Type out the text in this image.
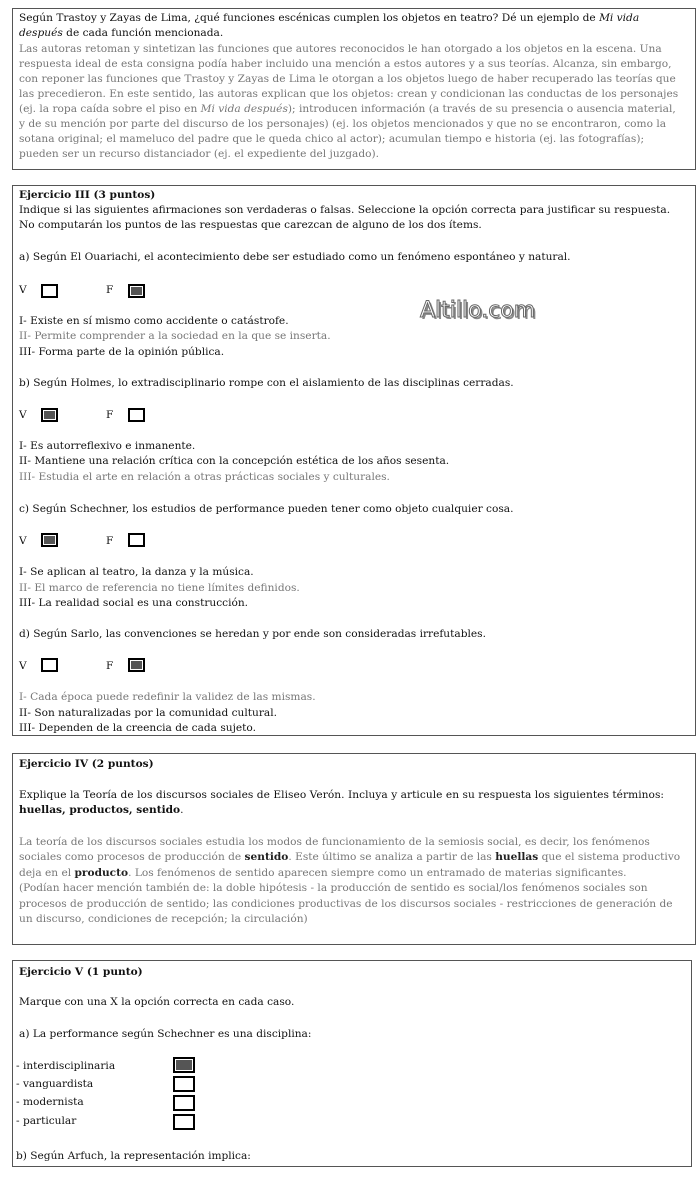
Según Trastoy y Zayas de Lima, ¿qué funciones escénicas cumplen los objetos en teatro? Dé un ejemplo de Mi vida
después de cada función mencionada.
Las autoras retoman y sintetizan las funciones que autores reconocidos le han otorgado a los objetos en la escena. Una
respuesta ideal de esta consigna podía haber incluido una mención a estos autores y a sus teorías. Alcanza, sin embargo,
con reponer las funciones que Trastoy y Zayas de Lima le otorgan a los objetos luego de haber recuperado las teorías que
las precedieron. En este sentido, las autoras explican que los objetos: crean y condicionan las conductas de los personajes
(ej. la ropa caída sobre el piso en Mi vida después); introducen información (a través de su presencia o ausencia material,
y de su mención por parte del discurso de los personajes) (ej. los objetos mencionados y que no se encontraron, como la
sotana original; el mameluco del padre que le queda chico al actor); acumulan tiempo e historia (ej. las fotografías);
pueden ser un recurso distanciador (ej. el expediente del juzgado).
Ejercicio III (3 puntos)
Indique si las siguientes afirmaciones son verdaderas o falsas. Seleccione la opción correcta para justificar su respuesta.
No computarán los puntos de las respuestas que carezcan de alguno de los dos ítems.
a) Según El Ouariachi, el acontecimiento debe ser estudiado como un fenómeno espontáneo y natural.
V	F
I- Existe en sí mismo como accidente o catástrofe.
II- Permite comprender a la sociedad en la que se inserta.
III- Forma parte de la opinión pública.
b) Según Holmes, lo extradisciplinario rompe con el aislamiento de las disciplinas cerradas.
V	F
I- Es autorreflexivo e inmanente.
II- Mantiene una relación crítica con la concepción estética de los años sesenta.
III- Estudia el arte en relación a otras prácticas sociales y culturales.
c) Según Schechner, los estudios de performance pueden tener como objeto cualquier cosa.
V	F
I- Se aplican al teatro, la danza y la música.
II- El marco de referencia no tiene límites definidos.
III- La realidad social es una construcción.
d) Según Sarlo, las convenciones se heredan y por ende son consideradas irrefutables.
V	F
I- Cada época puede redefinir la validez de las mismas.
II- Son naturalizadas por la comunidad cultural.
III- Dependen de la creencia de cada sujeto.
Altillo.com
Ejercicio IV (2 puntos)
Explique la Teoría de los discursos sociales de Eliseo Verón. Incluya y articule en su respuesta los siguientes términos:
huellas, productos, sentido.
La teoría de los discursos sociales estudia los modos de funcionamiento de la semiosis social, es decir, los fenómenos
sociales como procesos de producción de sentido. Este último se analiza a partir de las huellas que el sistema productivo
deja en el producto. Los fenómenos de sentido aparecen siempre como un entramado de materias significantes.
(Podían hacer mención también de: la doble hipótesis - la producción de sentido es social/los fenómenos sociales son
procesos de producción de sentido; las condiciones productivas de los discursos sociales - restricciones de generación de
un discurso, condiciones de recepción; la circulación)
Ejercicio V (1 punto)
Marque con una X la opción correcta en cada caso.
a) La performance según Schechner es una disciplina:
- interdisciplinaria
- vanguardista
- modernista
- particular
b) Según Arfuch, la representación implica:
